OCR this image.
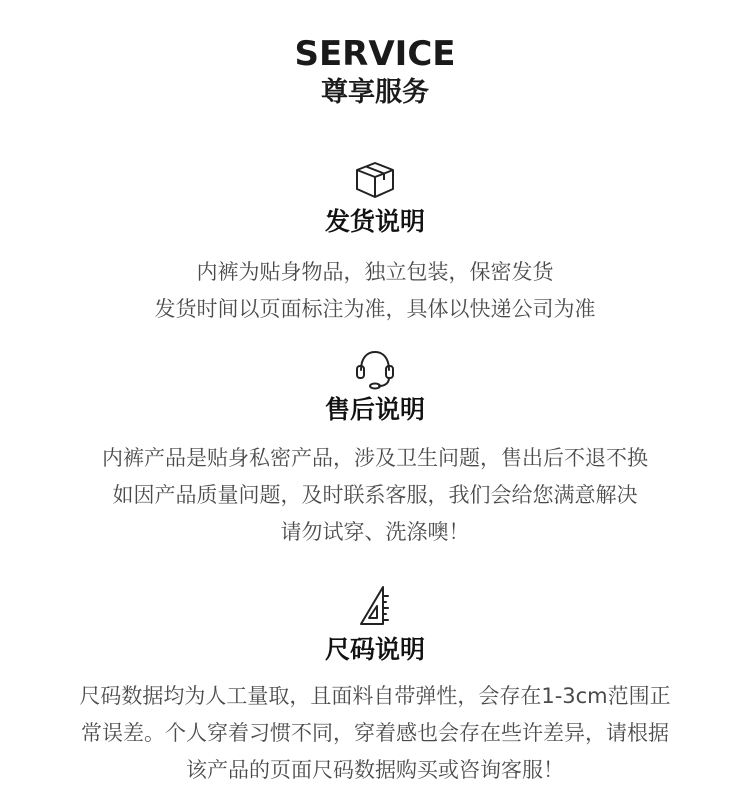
SERVICE
尊享服务
发货说明
内裤为贴身物品，独立包装，保密发货
发货时间以页面标注为准，具体以快递公司为准
售后说明
内裤产品是贴身私密产品，涉及卫生问题，售出后不退不换
如因产品质量问题，及时联系客服，我们会给您满意解决
请勿试穿、洗涤噢！
尺码说明
尺码数据均为人工量取，且面料自带弹性，会存在1-3cm范围正
常误差。个人穿着习惯不同，穿着感也会存在些许差异，请根据
该产品的页面尺码数据购买或咨询客服！
